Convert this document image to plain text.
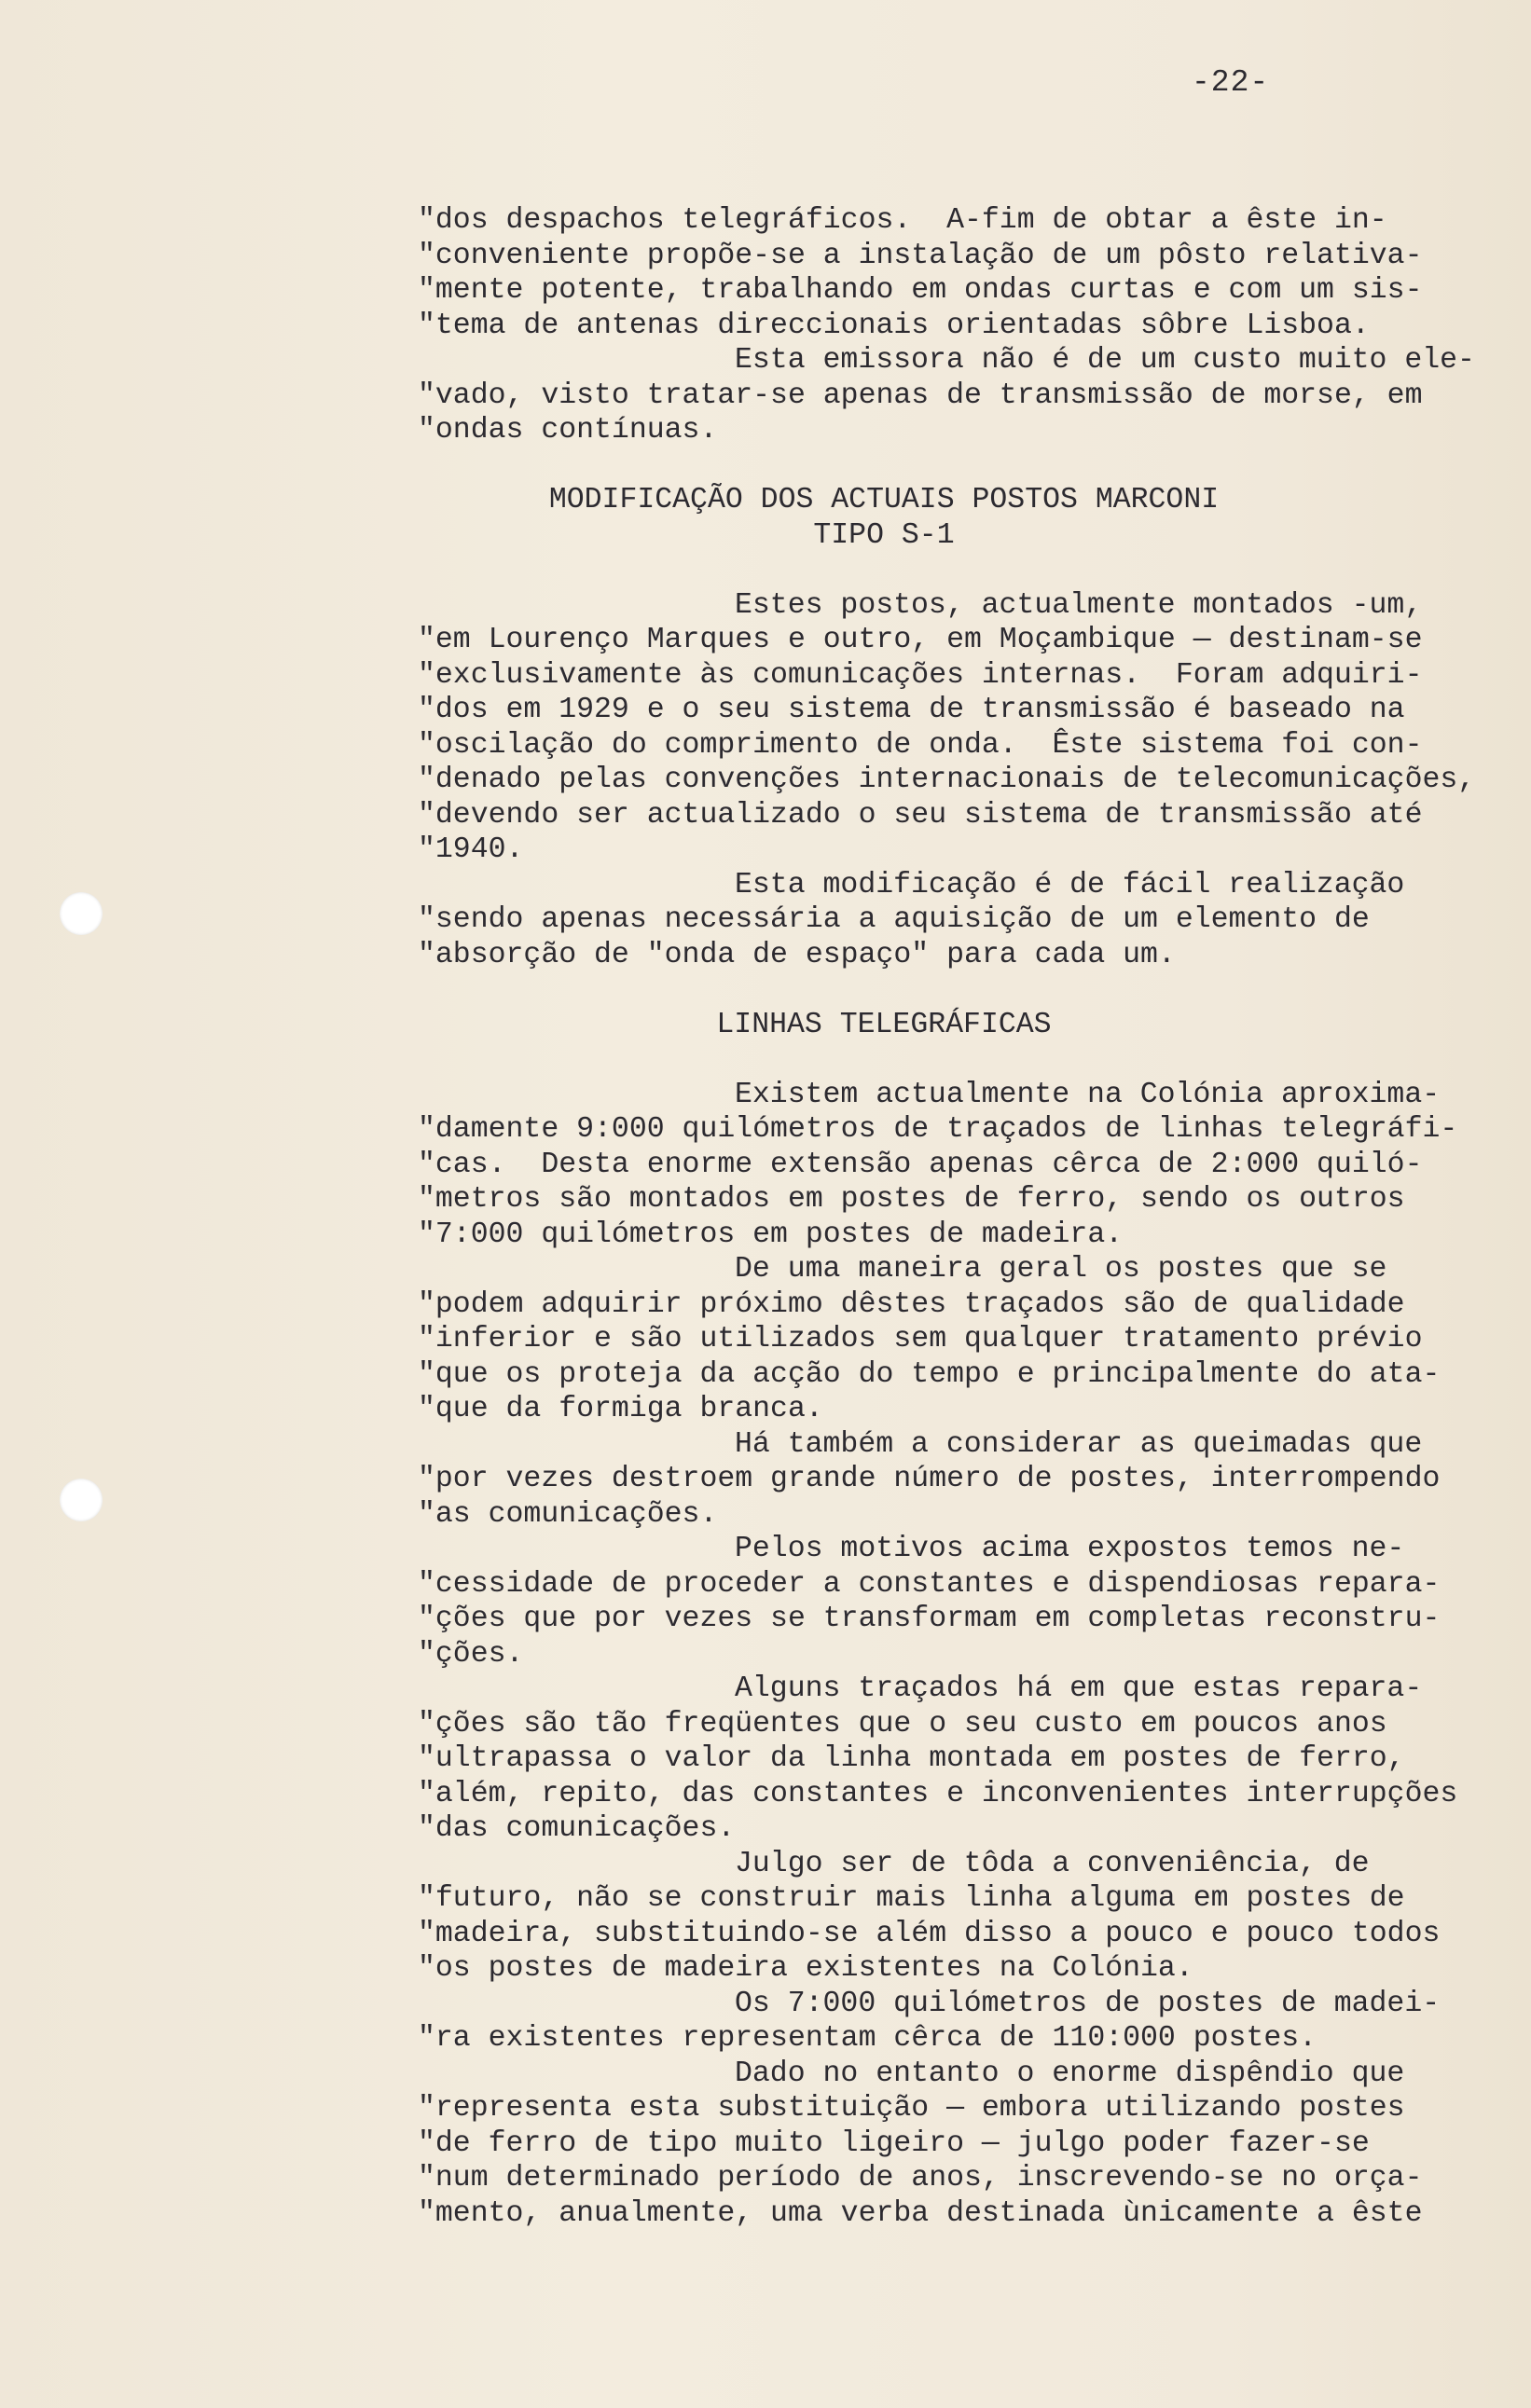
-22-
"dos despachos telegráficos.  A-fim de obtar a êste in-
"conveniente propõe-se a instalação de um pôsto relativa-
"mente potente, trabalhando em ondas curtas e com um sis-
"tema de antenas direccionais orientadas sôbre Lisboa.
Esta emissora não é de um custo muito ele-
"vado, visto tratar-se apenas de transmissão de morse, em
"ondas contínuas.
MODIFICAÇÃO DOS ACTUAIS POSTOS MARCONI
TIPO S-1
Estes postos, actualmente montados -um,
"em Lourenço Marques e outro, em Moçambique — destinam-se
"exclusivamente às comunicações internas.  Foram adquiri-
"dos em 1929 e o seu sistema de transmissão é baseado na
"oscilação do comprimento de onda.  Êste sistema foi con-
"denado pelas convenções internacionais de telecomunicações,
"devendo ser actualizado o seu sistema de transmissão até
"1940.
Esta modificação é de fácil realização
"sendo apenas necessária a aquisição de um elemento de
"absorção de "onda de espaço" para cada um.
LINHAS TELEGRÁFICAS
Existem actualmente na Colónia aproxima-
"damente 9:000 quilómetros de traçados de linhas telegráfi-
"cas.  Desta enorme extensão apenas cêrca de 2:000 quiló-
"metros são montados em postes de ferro, sendo os outros
"7:000 quilómetros em postes de madeira.
De uma maneira geral os postes que se
"podem adquirir próximo dêstes traçados são de qualidade
"inferior e são utilizados sem qualquer tratamento prévio
"que os proteja da acção do tempo e principalmente do ata-
"que da formiga branca.
Há também a considerar as queimadas que
"por vezes destroem grande número de postes, interrompendo
"as comunicações.
Pelos motivos acima expostos temos ne-
"cessidade de proceder a constantes e dispendiosas repara-
"ções que por vezes se transformam em completas reconstru-
"ções.
Alguns traçados há em que estas repara-
"ções são tão freqüentes que o seu custo em poucos anos
"ultrapassa o valor da linha montada em postes de ferro,
"além, repito, das constantes e inconvenientes interrupções
"das comunicações.
Julgo ser de tôda a conveniência, de
"futuro, não se construir mais linha alguma em postes de
"madeira, substituindo-se além disso a pouco e pouco todos
"os postes de madeira existentes na Colónia.
Os 7:000 quilómetros de postes de madei-
"ra existentes representam cêrca de 110:000 postes.
Dado no entanto o enorme dispêndio que
"representa esta substituição — embora utilizando postes
"de ferro de tipo muito ligeiro — julgo poder fazer-se
"num determinado período de anos, inscrevendo-se no orça-
"mento, anualmente, uma verba destinada ùnicamente a êste
